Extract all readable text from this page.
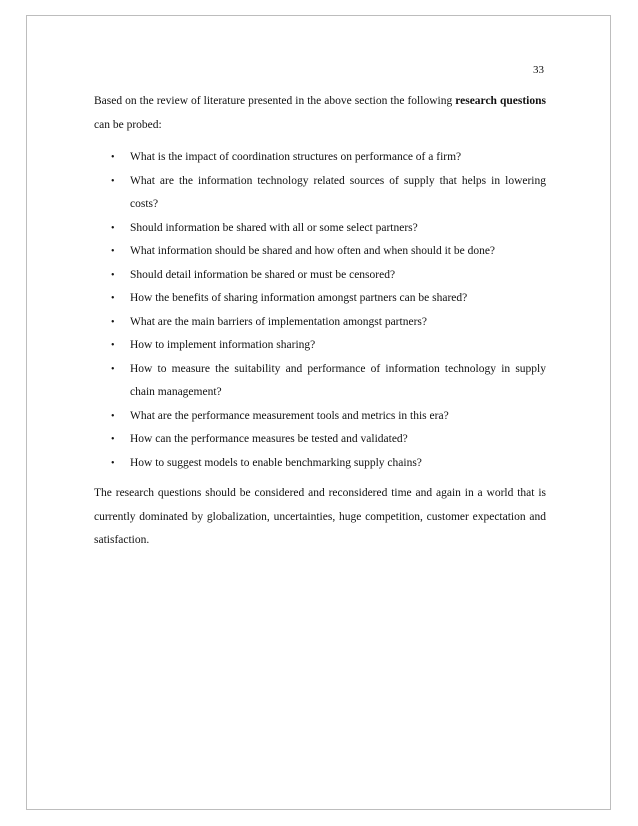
33

Based on the review of literature presented in the above section the following research questions can be probed:

• What is the impact of coordination structures on performance of a firm?
• What are the information technology related sources of supply that helps in lowering costs?
• Should information be shared with all or some select partners?
• What information should be shared and how often and when should it be done?
• Should detail information be shared or must be censored?
• How the benefits of sharing information amongst partners can be shared?
• What are the main barriers of implementation amongst partners?
• How to implement information sharing?
• How to measure the suitability and performance of information technology in supply chain management?
• What are the performance measurement tools and metrics in this era?
• How can the performance measures be tested and validated?
• How to suggest models to enable benchmarking supply chains?

The research questions should be considered and reconsidered time and again in a world that is currently dominated by globalization, uncertainties, huge competition, customer expectation and satisfaction.
